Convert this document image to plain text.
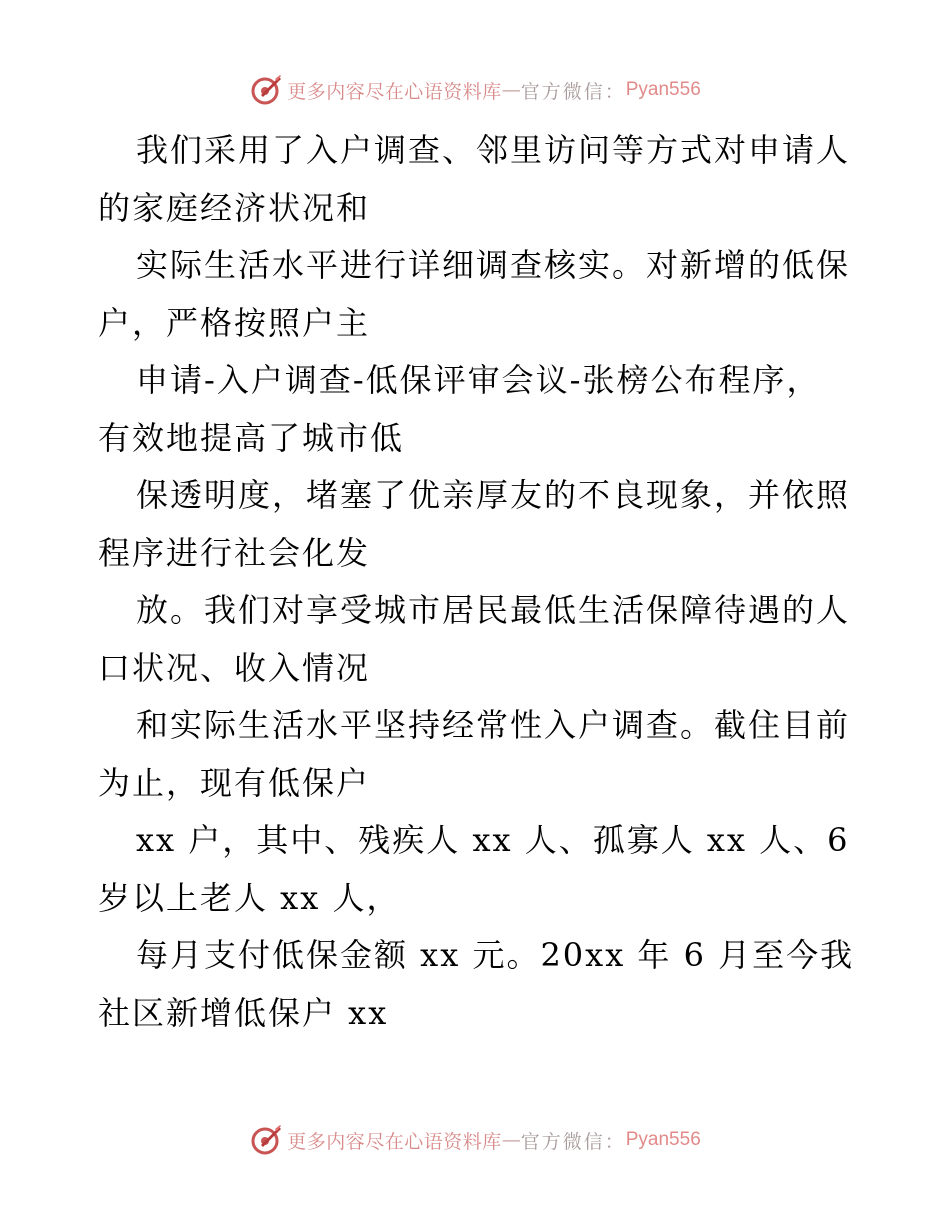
更多内容尽在心语资料库 — 官方微信： Pyan556

我们采用了入户调查、邻里访问等方式对申请人
的家庭经济状况和

实际生活水平进行详细调查核实。对新增的低保
户，严格按照户主

申请-入户调查-低保评审会议-张榜公布程序，
有效地提高了城市低

保透明度，堵塞了优亲厚友的不良现象，并依照
程序进行社会化发

放。我们对享受城市居民最低生活保障待遇的人
口状况、收入情况

和实际生活水平坚持经常性入户调查。截住目前
为止，现有低保户

xx 户，其中、残疾人 xx 人、孤寡人 xx 人、6
岁以上老人 xx 人，

每月支付低保金额 xx 元。20xx 年 6 月至今我
社区新增低保户 xx

更多内容尽在心语资料库 — 官方微信： Pyan556
